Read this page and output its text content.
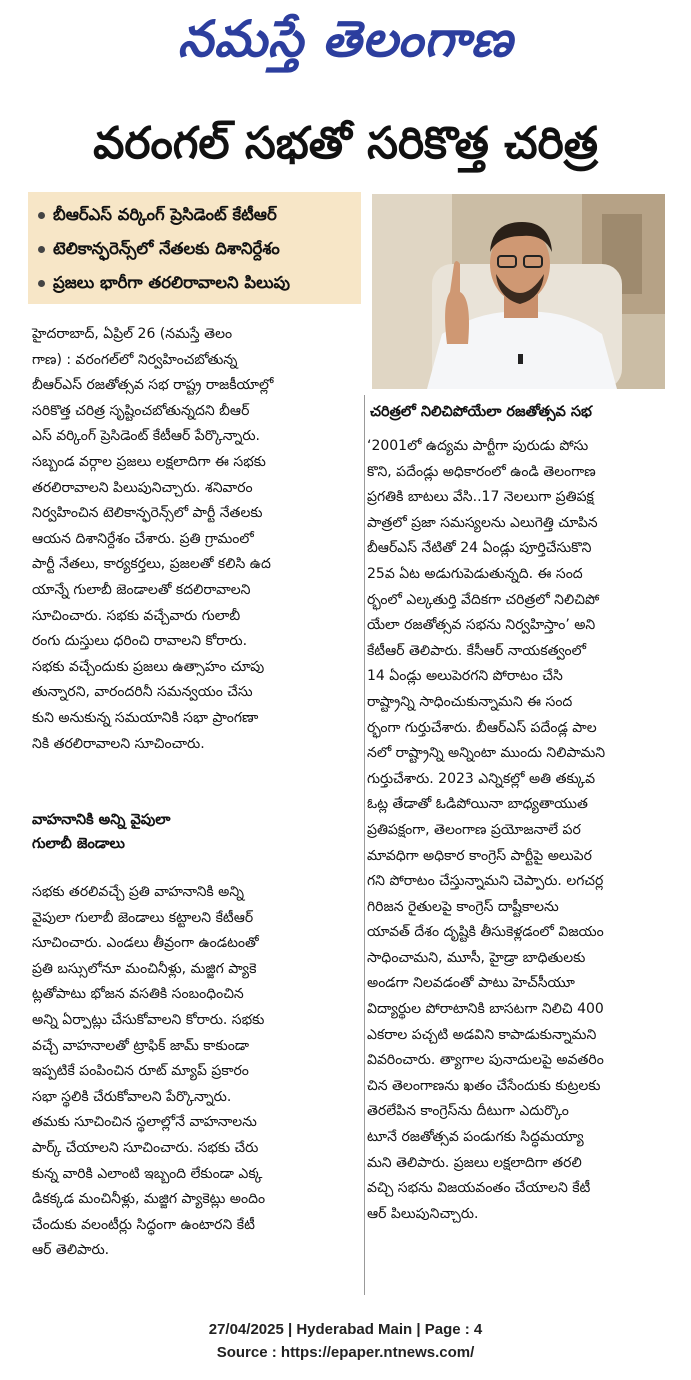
నమస్తే తెలంగాణ
వరంగల్ సభతో సరికొత్త చరిత్ర
బీఆర్ఎస్ వర్కింగ్ ప్రెసిడెంట్ కేటీఆర్
టెలికాన్ఫరెన్స్‌లో నేతలకు దిశానిర్దేశం
ప్రజలు భారీగా తరలిరావాలని పిలుపు
హైదరాబాద్, ఏప్రిల్ 26 (నమస్తే తెలం
గాణ) : వరంగల్‌లో నిర్వహించబోతున్న
బీఆర్ఎస్ రజతోత్సవ సభ రాష్ట్ర రాజకీయాల్లో
సరికొత్త చరిత్ర సృష్టించబోతున్నదని బీఆర్
ఎస్ వర్కింగ్ ప్రెసిడెంట్ కేటీఆర్ పేర్కొన్నారు.
సబ్బండ వర్గాల ప్రజలు లక్షలాదిగా ఈ సభకు
తరలిరావాలని పిలుపునిచ్చారు. శనివారం
నిర్వహించిన టెలికాన్ఫరెన్స్‌లో పార్టీ నేతలకు
ఆయన దిశానిర్దేశం చేశారు. ప్రతి గ్రామంలో
పార్టీ నేతలు, కార్యకర్తలు, ప్రజలతో కలిసి ఉద
యాన్నే గులాబీ జెండాలతో కదలిరావాలని
సూచించారు. సభకు వచ్చేవారు గులాబీ
రంగు దుస్తులు ధరించి రావాలని కోరారు.
సభకు వచ్చేందుకు ప్రజలు ఉత్సాహం చూపు
తున్నారని, వారందరినీ సమన్వయం చేసు
కుని అనుకున్న సమయానికి సభా ప్రాంగణా
నికి తరలిరావాలని సూచించారు.
వాహనానికి అన్ని వైపులా
గులాబీ జెండాలు
సభకు తరలివచ్చే ప్రతి వాహనానికి అన్ని
వైపులా గులాబీ జెండాలు కట్టాలని కేటీఆర్
సూచించారు. ఎండలు తీవ్రంగా ఉండటంతో
ప్రతి బస్సులోనూ మంచినీళ్లు, మజ్జిగ ప్యాకె
ట్లతోపాటు భోజన వసతికి సంబంధించిన
అన్ని ఏర్పాట్లు చేసుకోవాలని కోరారు. సభకు
వచ్చే వాహనాలతో ట్రాఫిక్ జామ్ కాకుండా
ఇప్పటికే పంపించిన రూట్ మ్యాప్ ప్రకారం
సభా స్థలికి చేరుకోవాలని పేర్కొన్నారు.
తమకు సూచించిన స్థలాల్లోనే వాహనాలను
పార్క్ చేయాలని సూచించారు. సభకు చేరు
కున్న వారికి ఎలాంటి ఇబ్బంది లేకుండా ఎక్క
డికక్కడ మంచినీళ్లు, మజ్జిగ ప్యాకెట్లు అందిం
చేందుకు వలంటీర్లు సిద్ధంగా ఉంటారని కేటీ
ఆర్ తెలిపారు.
చరిత్రలో నిలిచిపోయేలా రజతోత్సవ సభ
‘2001లో ఉద్యమ పార్టీగా పురుడు పోసు
కొని, పదేండ్లు అధికారంలో ఉండి తెలంగాణ
ప్రగతికి బాటలు వేసి..17 నెలలుగా ప్రతిపక్ష
పాత్రలో ప్రజా సమస్యలను ఎలుగెత్తి చూపిన
బీఆర్ఎస్ నేటితో 24 ఏండ్లు పూర్తిచేసుకొని
25వ ఏట అడుగుపెడుతున్నది. ఈ సంద
ర్భంలో ఎల్కతుర్తి వేదికగా చరిత్రలో నిలిచిపో
యేలా రజతోత్సవ సభను నిర్వహిస్తాం’ అని
కేటీఆర్ తెలిపారు. కేసీఆర్ నాయకత్వంలో
14 ఏండ్లు అలుపెరగని పోరాటం చేసి
రాష్ట్రాన్ని సాధించుకున్నామని ఈ సంద
ర్భంగా గుర్తుచేశారు. బీఆర్ఎస్ పదేండ్ల పాల
నలో రాష్ట్రాన్ని అన్నింటా ముందు నిలిపామని
గుర్తుచేశారు. 2023 ఎన్నికల్లో అతి తక్కువ
ఓట్ల తేడాతో ఓడిపోయినా బాధ్యతాయుత
ప్రతిపక్షంగా, తెలంగాణ ప్రయోజనాలే పర
మావధిగా అధికార కాంగ్రెస్ పార్టీపై అలుపెర
గని పోరాటం చేస్తున్నామని చెప్పారు. లగచర్ల
గిరిజన రైతులపై కాంగ్రెస్ దాష్టీకాలను
యావత్ దేశం దృష్టికి తీసుకెళ్లడంలో విజయం
సాధించామని, మూసీ, హైడ్రా బాధితులకు
అండగా నిలవడంతో పాటు హెచ్‌సీయూ
విద్యార్థుల పోరాటానికి బాసటగా నిలిచి 400
ఎకరాల పచ్చటి అడవిని కాపాడుకున్నామని
వివరించారు. త్యాగాల పునాదులపై అవతరిం
చిన తెలంగాణను ఖతం చేసేందుకు కుట్రలకు
తెరలేపిన కాంగ్రెస్‌ను దీటుగా ఎదుర్కొం
టూనే రజతోత్సవ పండుగకు సిద్ధమయ్యా
మని తెలిపారు. ప్రజలు లక్షలాదిగా తరలి
వచ్చి సభను విజయవంతం చేయాలని కేటీ
ఆర్ పిలుపునిచ్చారు.
27/04/2025 | Hyderabad Main | Page : 4
Source : https://epaper.ntnews.com/
